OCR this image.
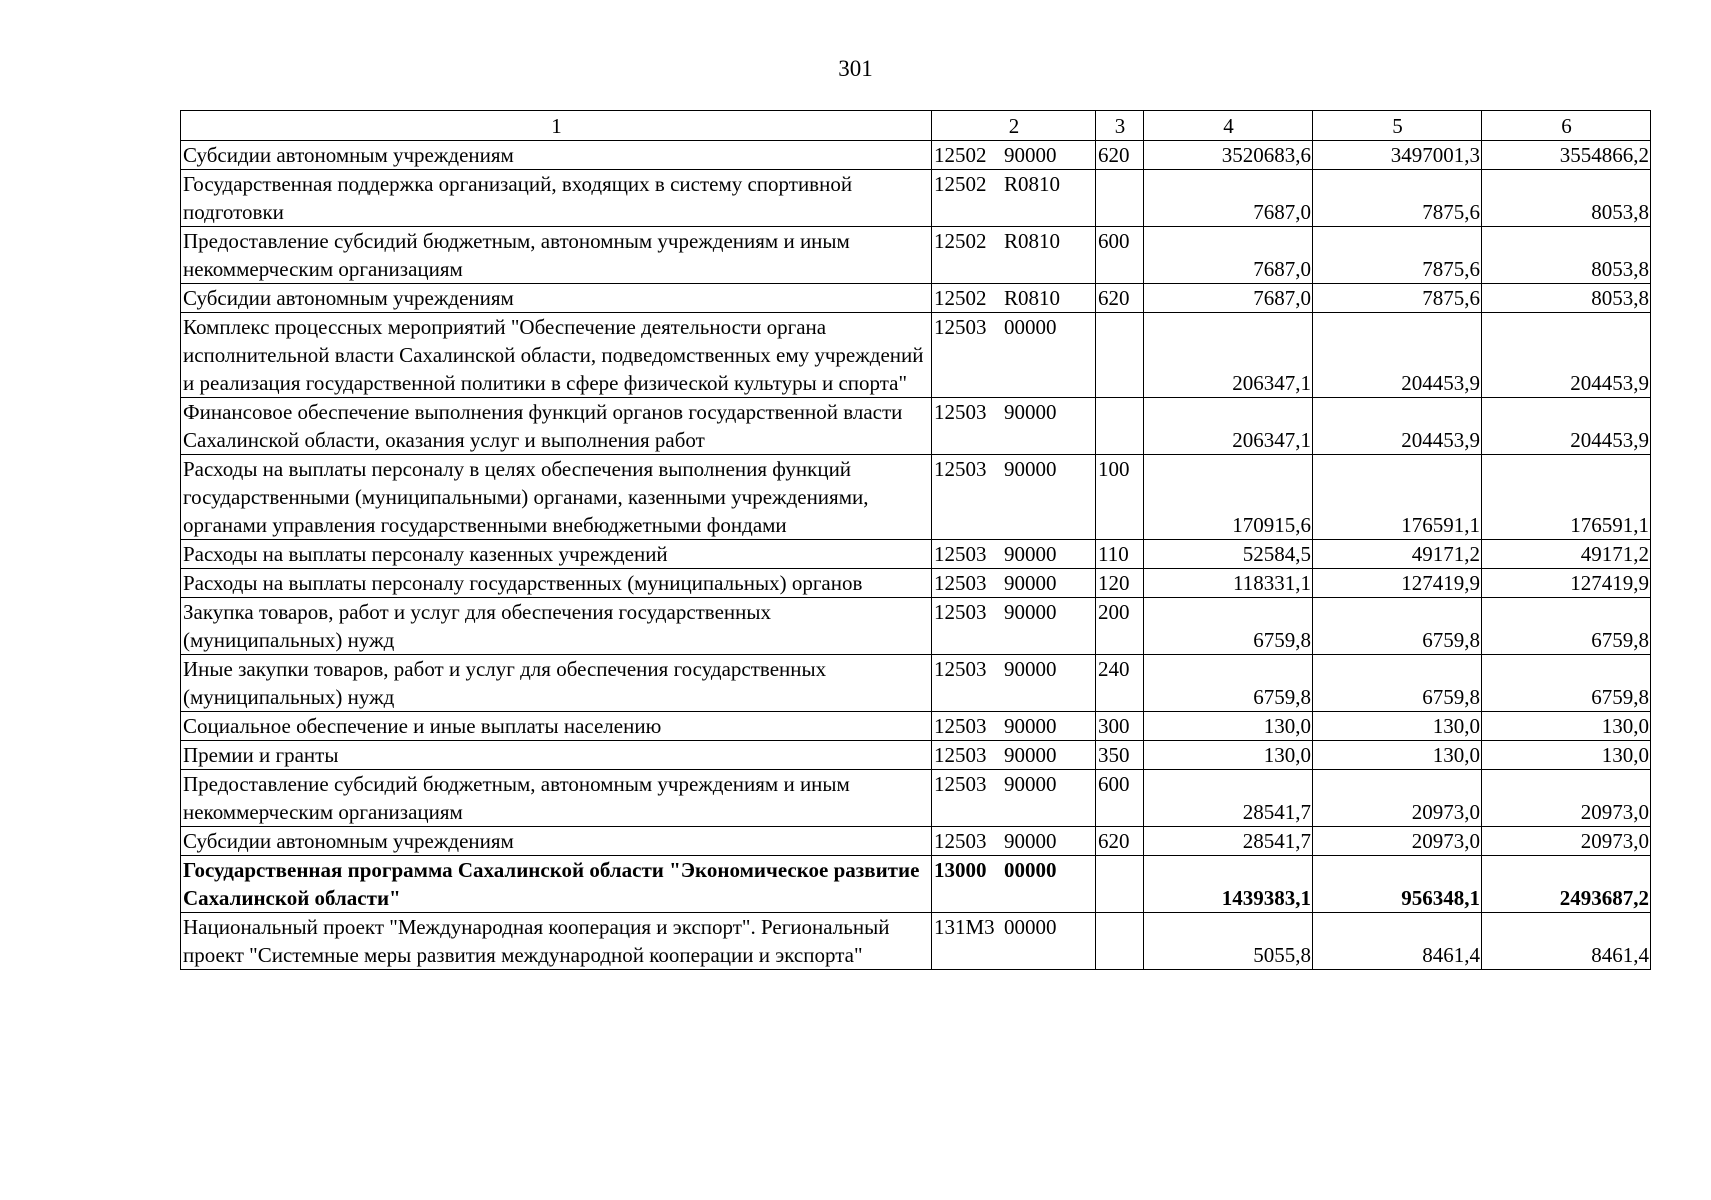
301
1	2	3	4	5	6
Субсидии автономным учреждениям	12502 90000	620	3520683,6	3497001,3	3554866,2
Государственная поддержка организаций, входящих в систему спортивной подготовки	12502 R0810		7687,0	7875,6	8053,8
Предоставление субсидий бюджетным, автономным учреждениям и иным некоммерческим организациям	12502 R0810	600	7687,0	7875,6	8053,8
Субсидии автономным учреждениям	12502 R0810	620	7687,0	7875,6	8053,8
Комплекс процессных мероприятий "Обеспечение деятельности органа исполнительной власти Сахалинской области, подведомственных ему учреждений и реализация государственной политики в сфере физической культуры и спорта"	12503 00000		206347,1	204453,9	204453,9
Финансовое обеспечение выполнения функций органов государственной власти Сахалинской области, оказания услуг и выполнения работ	12503 90000		206347,1	204453,9	204453,9
Расходы на выплаты персоналу в целях обеспечения выполнения функций государственными (муниципальными) органами, казенными учреждениями, органами управления государственными внебюджетными фондами	12503 90000	100	170915,6	176591,1	176591,1
Расходы на выплаты персоналу казенных учреждений	12503 90000	110	52584,5	49171,2	49171,2
Расходы на выплаты персоналу государственных (муниципальных) органов	12503 90000	120	118331,1	127419,9	127419,9
Закупка товаров, работ и услуг для обеспечения государственных (муниципальных) нужд	12503 90000	200	6759,8	6759,8	6759,8
Иные закупки товаров, работ и услуг для обеспечения государственных (муниципальных) нужд	12503 90000	240	6759,8	6759,8	6759,8
Социальное обеспечение и иные выплаты населению	12503 90000	300	130,0	130,0	130,0
Премии и гранты	12503 90000	350	130,0	130,0	130,0
Предоставление субсидий бюджетным, автономным учреждениям и иным некоммерческим организациям	12503 90000	600	28541,7	20973,0	20973,0
Субсидии автономным учреждениям	12503 90000	620	28541,7	20973,0	20973,0
Государственная программа Сахалинской области "Экономическое развитие Сахалинской области"	13000 00000		1439383,1	956348,1	2493687,2
Национальный проект "Международная кооперация и экспорт". Региональный проект "Системные меры развития международной кооперации и экспорта"	131М3 00000		5055,8	8461,4	8461,4
